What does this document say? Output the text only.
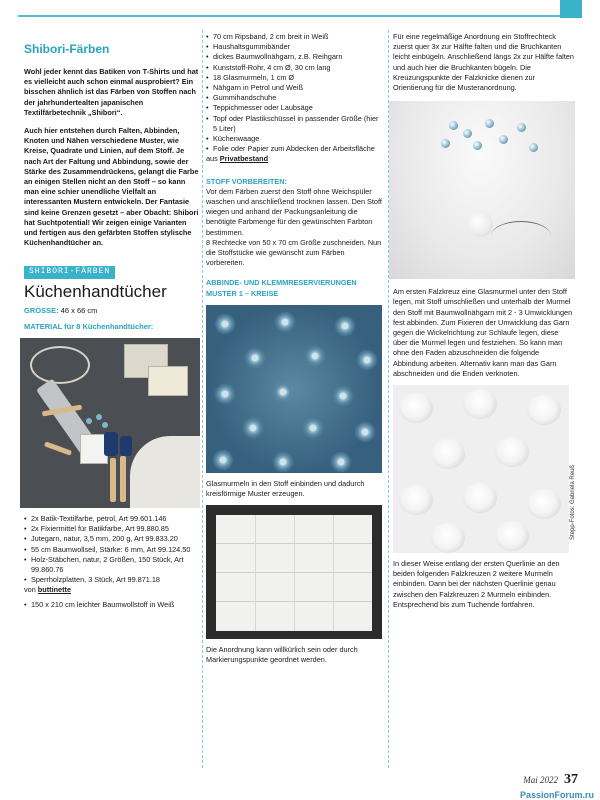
Shibori-Färben

Wohl jeder kennt das Batiken von T-Shirts und hat es vielleicht auch schon einmal ausprobiert? Ein bisschen ähnlich ist das Färben von Stoffen nach der jahrhundertealten japanischen Textilfärbetechnik „Shibori“.

Auch hier entstehen durch Falten, Abbinden, Knoten und Nähen verschiedene Muster, wie Kreise, Quadrate und Linien, auf dem Stoff. Je nach Art der Faltung und Abbindung, sowie der Stärke des Zusammendrückens, gelangt die Farbe an einigen Stellen nicht an den Stoff – so kann man eine schier unendliche Vielfalt an interessanten Mustern entwickeln. Der Fantasie sind keine Grenzen gesetzt – aber Obacht: Shibori hat Suchtpotential! Wir zeigen einige Varianten und fertigen aus den gefärbten Stoffen stylische Küchenhandtücher an.

SHIBORI-FÄRBEN
Küchenhandtücher
GRÖSSE: 46 x 66 cm
MATERIAL für 8 Küchenhandtücher:
• 2x Batik-Textilfarbe, petrol, Art 99.601.146
• 2x Fixiermittel für Batikfarbe, Art 99.880.85
• Jutegarn, natur, 3,5 mm, 200 g, Art 99.833.20
• 55 cm Baumwollseil, Stärke: 6 mm, Art 99.124.50
• Holz-Stäbchen, natur, 2 Größen, 150 Stück, Art 99.860.76
• Sperrholzplatten, 3 Stück, Art 99.871.18
von buttinette
• 150 x 210 cm leichter Baumwollstoff in Weiß
• 70 cm Ripsband, 2 cm breit in Weiß
• Haushaltsgummibänder
• dickes Baumwollnähgarn, z.B. Reihgarn
• Kunststoff-Rohr, 4 cm Ø, 30 cm lang
• 18 Glasmurmeln, 1 cm Ø
• Nähgarn in Petrol und Weiß
• Gummihandschuhe
• Teppichmesser oder Laubsäge
• Topf oder Plastikschüssel in passender Größe (hier 5 Liter)
• Küchenwaage
• Folie oder Papier zum Abdecken der Arbeitsfläche
aus Privatbestand
STOFF VORBEREITEN:

Vor dem Färben zuerst den Stoff ohne Weichspüler waschen und anschließend trocknen lassen. Den Stoff wiegen und anhand der Packungsanleitung die benötigte Farbmenge für den gewünschten Farbton bestimmen.

8 Rechtecke von 50 x 70 cm Größe zuschneiden. Nun die Stoffstücke wie gewünscht zum Färben vorbereiten.

ABBINDE- UND KLEMMRESERVIERUNGEN MUSTER 1 – KREISE

Glasmurmeln in den Stoff einbinden und dadurch kreisförmige Muster erzeugen.

Die Anordnung kann willkürlich sein oder durch Markierungspunkte geordnet werden.

Für eine regelmäßige Anordnung ein Stoffrechteck zuerst quer 3x zur Hälfte falten und die Bruchkanten leicht einbügeln. Anschließend längs 2x zur Hälfte falten und auch hier die Bruchkanten bügeln. Die Kreuzungspunkte der Falzknicke dienen zur Orientierung für die Musteranordnung.

Am ersten Falzkreuz eine Glasmurmel unter den Stoff legen, mit Stoff umschließen und unterhalb der Murmel den Stoff mit Baumwollnähgarn mit 2 - 3 Umwicklungen fest abbinden. Zum Fixieren der Umwicklung das Garn gegen die Wickelrichtung zur Schlaufe legen, diese über die Murmel legen und festziehen. So kann man ohne den Faden abzuschneiden die folgende Abbindung arbeiten. Alternativ kann man das Garn abschneiden und die Enden verknoten.

In dieser Weise entlang der ersten Querlinie an den beiden folgenden Falzkreuzen 2 weitere Murmeln einbinden. Dann bei der nächsten Querlinie genau zwischen den Falzkreuzen 2 Murmeln einbinden. Entsprechend bis zum Tuchende fortfahren.

Stepp-Fotos: Gabriela Reuß
Mai 2022 37
PassionForum.ru
